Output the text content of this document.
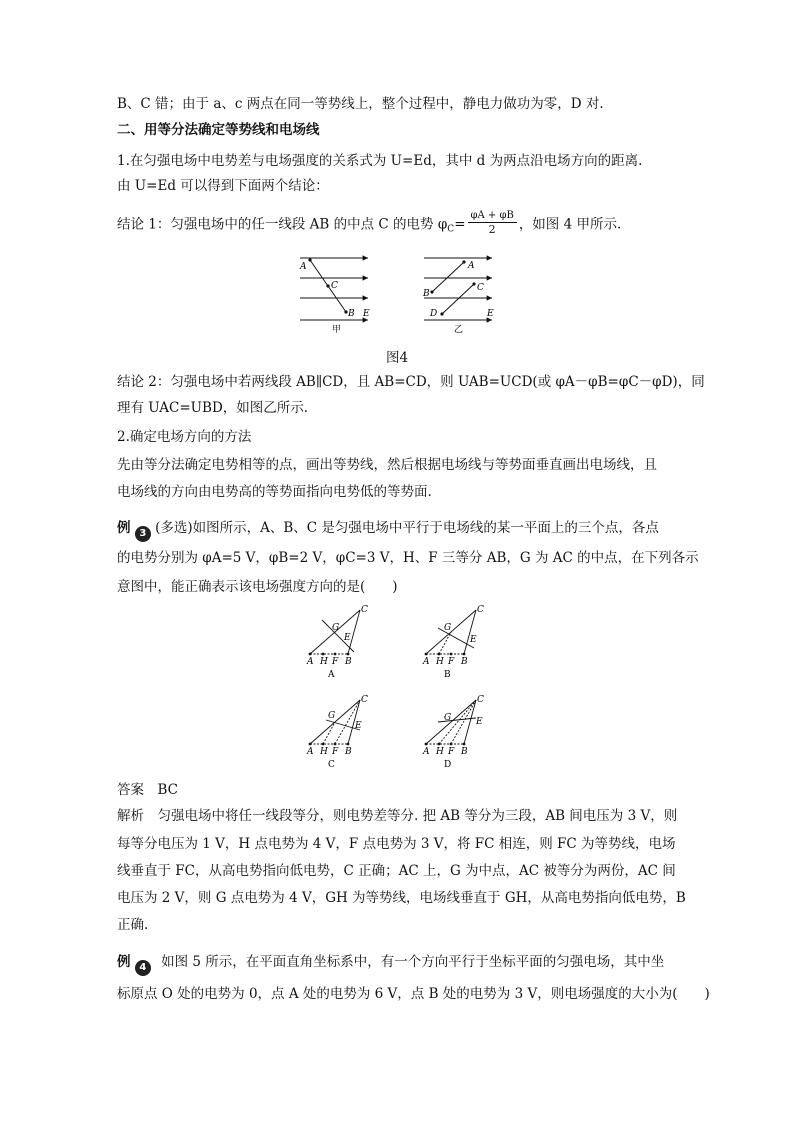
B、C 错；由于 a、c 两点在同一等势线上，整个过程中，静电力做功为零，D 对.
二、用等分法确定等势线和电场线
1.在匀强电场中电势差与电场强度的关系式为 U=Ed，其中 d 为两点沿电场方向的距离.
由 U=Ed 可以得到下面两个结论：
结论 1：匀强电场中的任一线段 AB 的中点 C 的电势 $\varphi_C= \frac{\varphi A + \varphi B}{2}$ ，如图 4 甲所示.
A
C
B E
甲
A
B
C
D	E
乙
图4
结论 2：匀强电场中若两线段 AB∥CD，且 AB=CD，则 UAB=UCD(或 φA－φB=φC－φD)，同
理有 UAC=UBD，如图乙所示.
2.确定电场方向的方法
先由等分法确定电势相等的点，画出等势线，然后根据电场线与等势面垂直画出电场线，且
电场线的方向由电势高的等势面指向电势低的等势面.
例 3 (多选)如图所示，A、B、C 是匀强电场中平行于电场线的某一平面上的三个点，各点
的电势分别为 φA=5 V，φB=2 V，φC=3 V，H、F 三等分 AB，G 为 AC 的中点，在下列各示
意图中，能正确表示该电场强度方向的是(　　)
A H F B
C
G
E
A
A H F B
C
G
E
B
A H F B
C
G
E
C
A H F B
C
G	E
D
答案　BC
解析　匀强电场中将任一线段等分，则电势差等分. 把 AB 等分为三段，AB 间电压为 3 V，则
每等分电压为 1 V，H 点电势为 4 V，F 点电势为 3 V，将 FC 相连，则 FC 为等势线，电场
线垂直于 FC，从高电势指向低电势，C 正确；AC 上，G 为中点，AC 被等分为两份，AC 间
电压为 2 V，则 G 点电势为 4 V，GH 为等势线，电场线垂直于 GH，从高电势指向低电势，B
正确.
例 4 如图 5 所示，在平面直角坐标系中，有一个方向平行于坐标平面的匀强电场，其中坐
标原点 O 处的电势为 0，点 A 处的电势为 6 V，点 B 处的电势为 3 V，则电场强度的大小为(　　)
